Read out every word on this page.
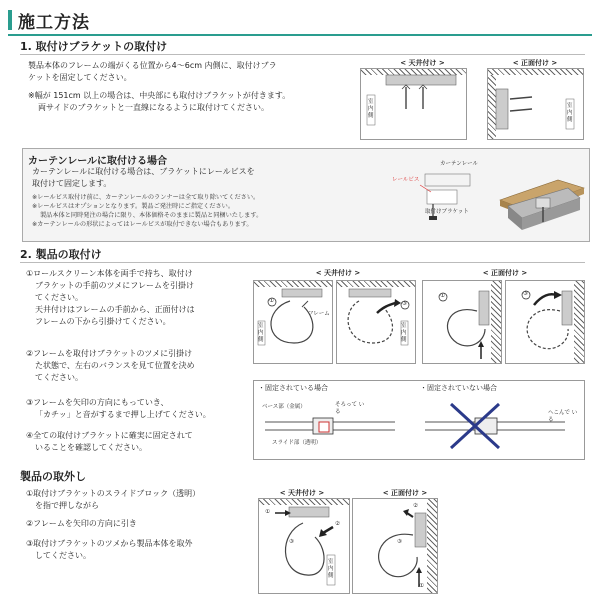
施工方法
1. 取付けブラケットの取付け
製品本体のフレームの端がくる位置から4～6cm 内側に、取付けブラ
ケットを固定してください。
※幅が 151cm 以上の場合は、中央部にも取付けブラケットが付きます。
両サイドのブラケットと一直線になるように取付けてください。
< 天井付け >	< 正面付け >
室内側
室内側
カーテンレールに取付ける場合
カーテンレールに取付ける場合は、ブラケットにレールビスを
取付けて固定します。
※レールビス取付け前に、カーテンレールのランナーは全て取り除いてください。
※レールビスはオプションとなります。製品ご発注時にご指定ください。
製品本体と同時発注の場合に限り、本体価格そのままに製品と同梱いたします。
※カーテンレールの形状によってはレールビスが取付できない場合もあります。
カーテンレール
レールビス
取付けブラケット
2. 製品の取付け
①ロールスクリーン本体を両手で持ち、取付け
ブラケットの手前のツメにフレームを引掛け
てください。
天井付けはフレームの手前から、正面付けは
フレームの下から引掛けてください。
②フレームを取付けブラケットのツメに引掛け
た状態で、左右のバランスを見て位置を決め
てください。
③フレームを矢印の方向にもっていき、
「カチッ」と音がするまで押し上げてください。
④全ての取付けブラケットに確実に固定されて
いることを確認してください。
< 天井付け >	< 正面付け >
①
フレーム
室内側
③
室内側
①	③
・固定されている場合	・固定されていない場合
ベース部（金属）	そろって いる
スライド部（透明）
へこんで いる
製品の取外し
①取付けブラケットのスライドブロック（透明）
を指で押しながら
②フレームを矢印の方向に引き
③取付けブラケットのツメから製品本体を取外
してください。
< 天井付け >	< 正面付け >
①
②
③
室内側
②
③
①
